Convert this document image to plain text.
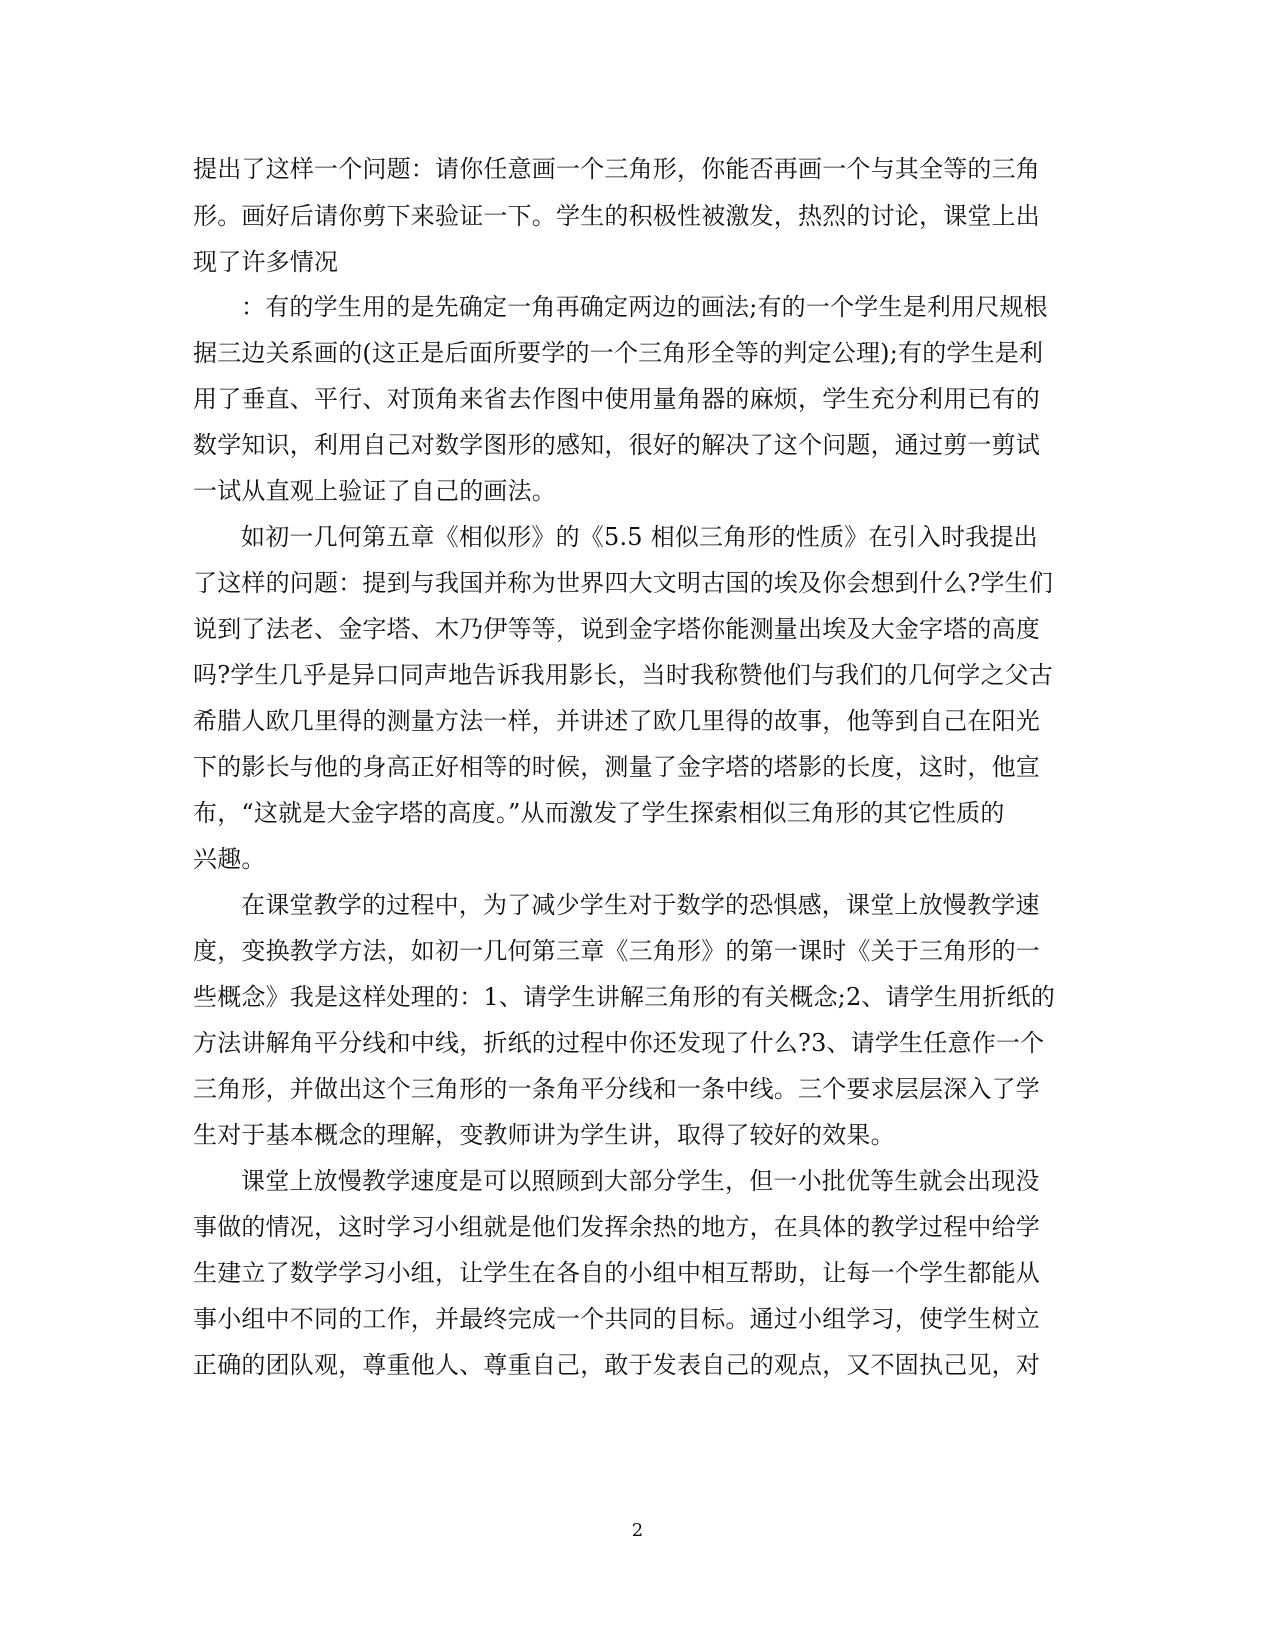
提出了这样一个问题：请你任意画一个三角形，你能否再画一个与其全等的三角
形。画好后请你剪下来验证一下。学生的积极性被激发，热烈的讨论，课堂上出
现了许多情况
：有的学生用的是先确定一角再确定两边的画法;有的一个学生是利用尺规根
据三边关系画的(这正是后面所要学的一个三角形全等的判定公理);有的学生是利
用了垂直、平行、对顶角来省去作图中使用量角器的麻烦，学生充分利用已有的
数学知识，利用自己对数学图形的感知，很好的解决了这个问题，通过剪一剪试
一试从直观上验证了自己的画法。
如初一几何第五章《相似形》的《5.5 相似三角形的性质》在引入时我提出
了这样的问题：提到与我国并称为世界四大文明古国的埃及你会想到什么?学生们
说到了法老、金字塔、木乃伊等等，说到金字塔你能测量出埃及大金字塔的高度
吗?学生几乎是异口同声地告诉我用影长，当时我称赞他们与我们的几何学之父古
希腊人欧几里得的测量方法一样，并讲述了欧几里得的故事，他等到自己在阳光
下的影长与他的身高正好相等的时候，测量了金字塔的塔影的长度，这时，他宣
布，“这就是大金字塔的高度。”从而激发了学生探索相似三角形的其它性质的
兴趣。
在课堂教学的过程中，为了减少学生对于数学的恐惧感，课堂上放慢教学速
度，变换教学方法，如初一几何第三章《三角形》的第一课时《关于三角形的一
些概念》我是这样处理的：1、请学生讲解三角形的有关概念;2、请学生用折纸的
方法讲解角平分线和中线，折纸的过程中你还发现了什么?3、请学生任意作一个
三角形，并做出这个三角形的一条角平分线和一条中线。三个要求层层深入了学
生对于基本概念的理解，变教师讲为学生讲，取得了较好的效果。
课堂上放慢教学速度是可以照顾到大部分学生，但一小批优等生就会出现没
事做的情况，这时学习小组就是他们发挥余热的地方，在具体的教学过程中给学
生建立了数学学习小组，让学生在各自的小组中相互帮助，让每一个学生都能从
事小组中不同的工作，并最终完成一个共同的目标。通过小组学习，使学生树立
正确的团队观，尊重他人、尊重自己，敢于发表自己的观点，又不固执己见，对
2
